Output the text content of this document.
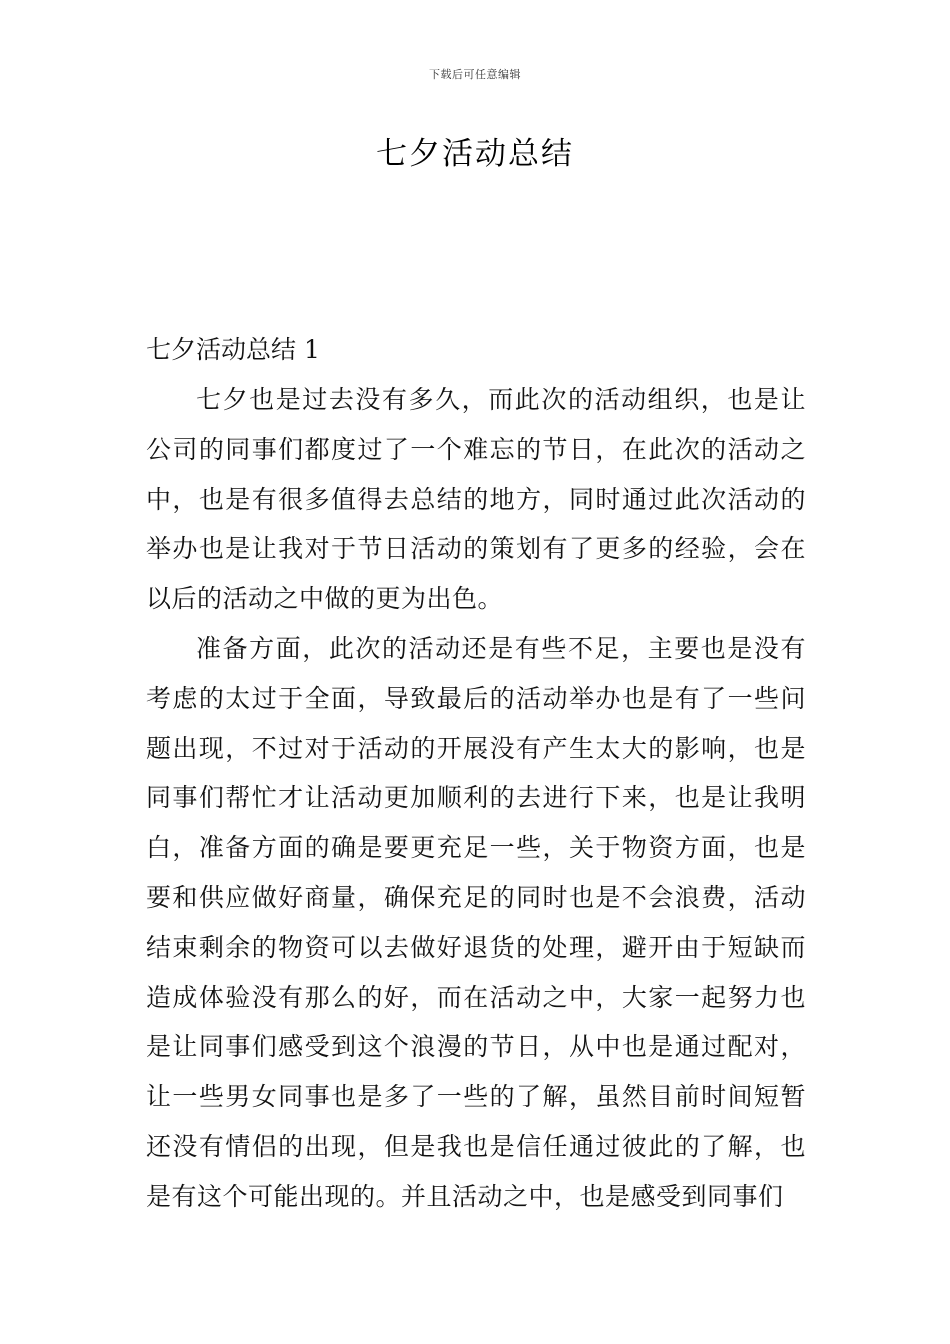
下载后可任意编辑
七夕活动总结

七夕活动总结 1

七夕也是过去没有多久，而此次的活动组织，也是让公司的同事们都度过了一个难忘的节日，在此次的活动之中，也是有很多值得去总结的地方，同时通过此次活动的举办也是让我对于节日活动的策划有了更多的经验，会在以后的活动之中做的更为出色。

准备方面，此次的活动还是有些不足，主要也是没有考虑的太过于全面，导致最后的活动举办也是有了一些问题出现，不过对于活动的开展没有产生太大的影响，也是同事们帮忙才让活动更加顺利的去进行下来，也是让我明白，准备方面的确是要更充足一些，关于物资方面，也是要和供应做好商量，确保充足的同时也是不会浪费，活动结束剩余的物资可以去做好退货的处理，避开由于短缺而造成体验没有那么的好，而在活动之中，大家一起努力也是让同事们感受到这个浪漫的节日，从中也是通过配对，让一些男女同事也是多了一些的了解，虽然目前时间短暂还没有情侣的出现，但是我也是信任通过彼此的了解，也是有这个可能出现的。并且活动之中，也是感受到同事们
